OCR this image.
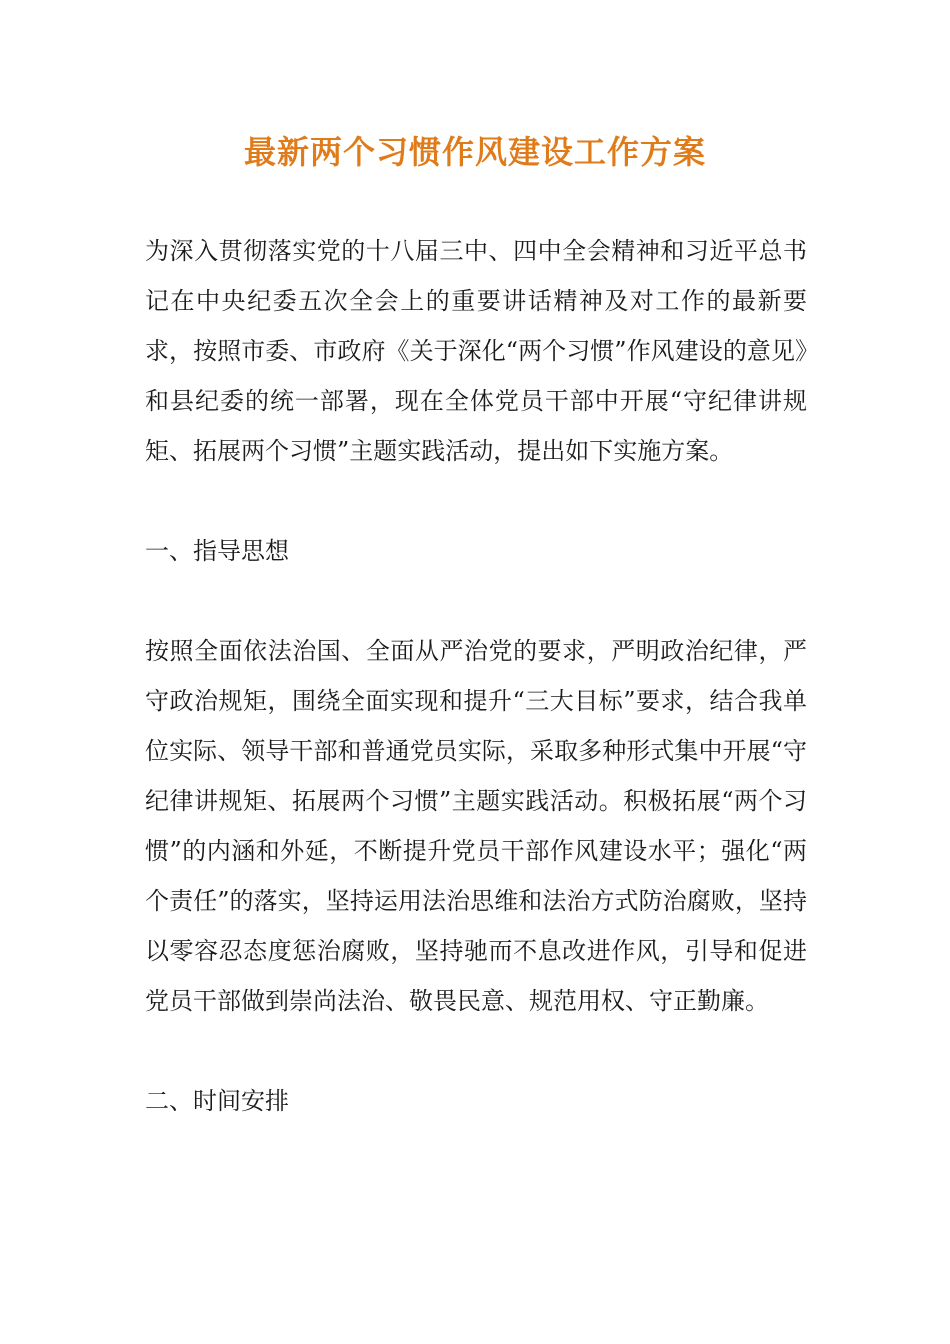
最新两个习惯作风建设工作方案

为深入贯彻落实党的十八届三中、四中全会精神和习近平总书记在中央纪委五次全会上的重要讲话精神及对工作的最新要求，按照市委、市政府《关于深化“两个习惯”作风建设的意见》和县纪委的统一部署，现在全体党员干部中开展“守纪律讲规矩、拓展两个习惯”主题实践活动，提出如下实施方案。

一、指导思想

按照全面依法治国、全面从严治党的要求，严明政治纪律，严守政治规矩，围绕全面实现和提升“三大目标”要求，结合我单位实际、领导干部和普通党员实际，采取多种形式集中开展“守纪律讲规矩、拓展两个习惯”主题实践活动。积极拓展“两个习惯”的内涵和外延，不断提升党员干部作风建设水平；强化“两个责任”的落实，坚持运用法治思维和法治方式防治腐败，坚持以零容忍态度惩治腐败，坚持驰而不息改进作风，引导和促进党员干部做到崇尚法治、敬畏民意、规范用权、守正勤廉。

二、时间安排
